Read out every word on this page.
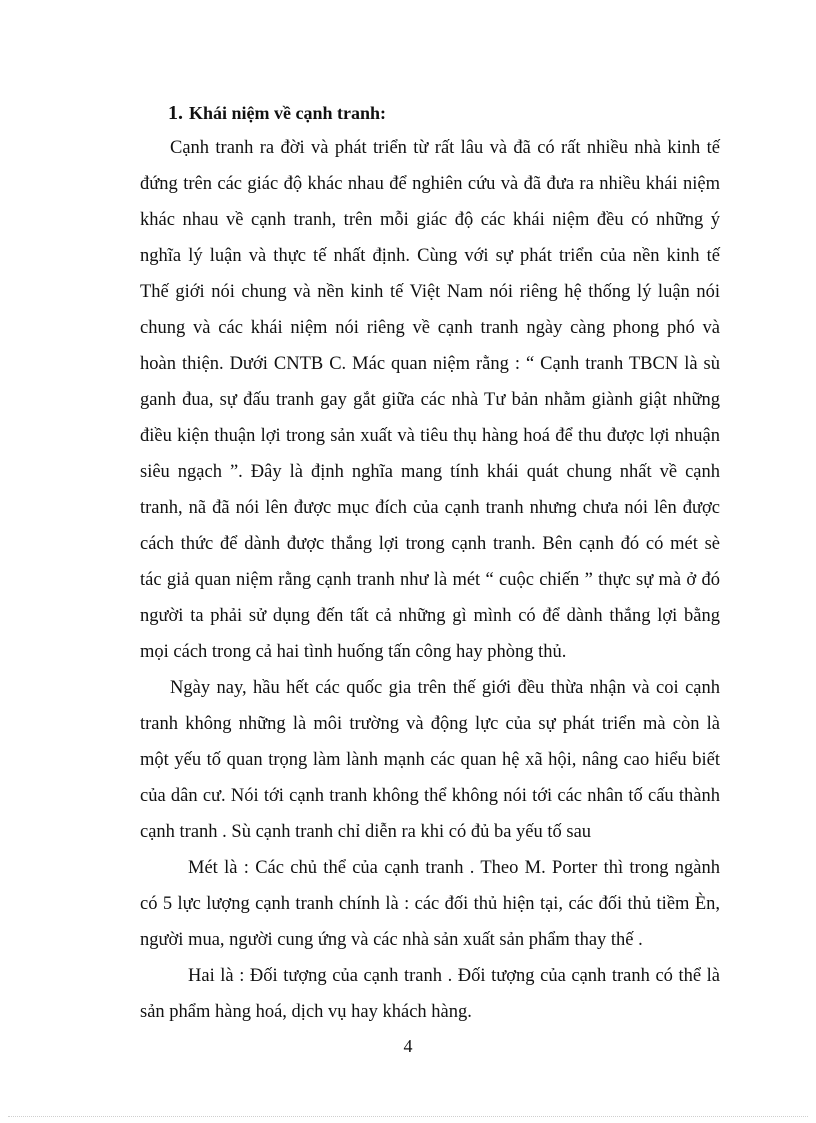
1. Khái niệm về cạnh tranh:
Cạnh tranh ra đời và phát triển từ rất lâu và đã có rất nhiều nhà kinh tế
đứng trên các giác độ khác nhau để nghiên cứu và đã đưa ra nhiều khái niệm
khác nhau về cạnh tranh, trên mỗi giác độ các khái niệm đều có những ý
nghĩa lý luận và thực tế nhất định. Cùng với sự phát triển của nền kinh tế
Thế giới nói chung và nền kinh tế Việt Nam nói riêng hệ thống lý luận nói
chung và các khái niệm nói riêng về cạnh tranh ngày càng phong phó và
hoàn thiện. Dưới CNTB C. Mác quan niệm rằng : “ Cạnh tranh TBCN là sù
ganh đua, sự đấu tranh gay gắt giữa các nhà Tư bản nhằm giành giật những
điều kiện thuận lợi trong sản xuất và tiêu thụ hàng hoá để thu được lợi nhuận
siêu ngạch ”. Đây là định nghĩa mang tính khái quát chung nhất về cạnh
tranh, nã đã nói lên được mục đích của cạnh tranh nhưng chưa nói lên được
cách thức để dành được thắng lợi trong cạnh tranh. Bên cạnh đó có mét sè
tác giả quan niệm rằng cạnh tranh như là mét “ cuộc chiến ” thực sự mà ở đó
người ta phải sử dụng đến tất cả những gì mình có để dành thắng lợi bằng
mọi cách trong cả hai tình huống tấn công hay phòng thủ.
Ngày nay, hầu hết các quốc gia trên thế giới đều thừa nhận và coi cạnh
tranh không những là môi trường và động lực của sự phát triển mà còn là
một yếu tố quan trọng làm lành mạnh các quan hệ xã hội, nâng cao hiểu biết
của dân cư. Nói tới cạnh tranh không thể không nói tới các nhân tố cấu thành
cạnh tranh . Sù cạnh tranh chỉ diễn ra khi có đủ ba yếu tố sau
Mét là : Các chủ thể của cạnh tranh . Theo M. Porter thì trong ngành
có 5 lực lượng cạnh tranh chính là : các đối thủ hiện tại, các đối thủ tiềm Èn,
người mua, người cung ứng và các nhà sản xuất sản phẩm thay thế .
Hai là : Đối tượng của cạnh tranh . Đối tượng của cạnh tranh có thể là
sản phẩm hàng hoá, dịch vụ hay khách hàng.
4
